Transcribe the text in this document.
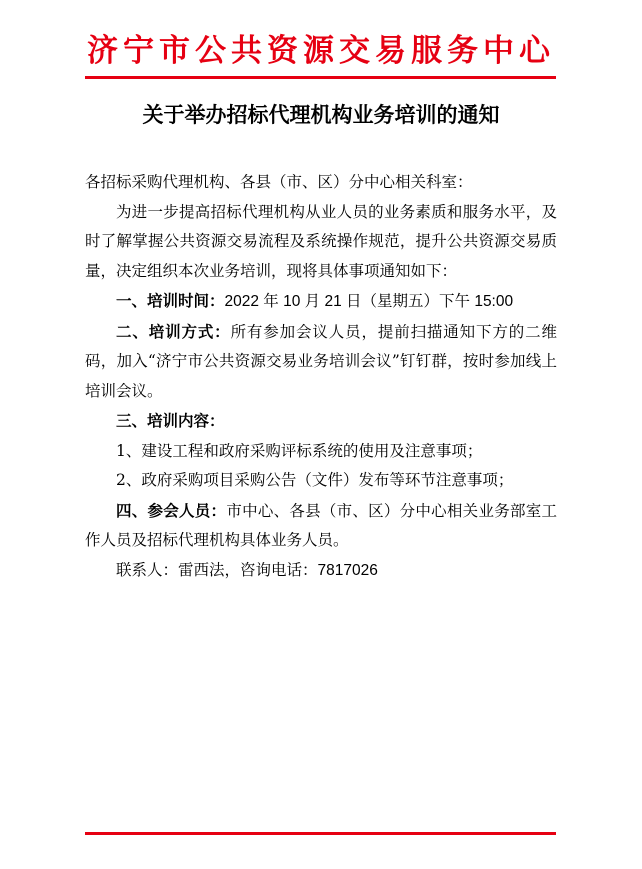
济宁市公共资源交易服务中心
关于举办招标代理机构业务培训的通知

各招标采购代理机构、各县（市、区）分中心相关科室：

为进一步提高招标代理机构从业人员的业务素质和服务水平，及时了解掌握公共资源交易流程及系统操作规范，提升公共资源交易质量，决定组织本次业务培训，现将具体事项通知如下：

一、培训时间：2022 年 10 月 21 日（星期五）下午 15:00

二、培训方式：所有参加会议人员，提前扫描通知下方的二维码，加入“济宁市公共资源交易业务培训会议”钉钉群，按时参加线上培训会议。

三、培训内容：

1、建设工程和政府采购评标系统的使用及注意事项；

2、政府采购项目采购公告（文件）发布等环节注意事项；

四、参会人员：市中心、各县（市、区）分中心相关业务部室工作人员及招标代理机构具体业务人员。

联系人：雷西法，咨询电话：7817026
